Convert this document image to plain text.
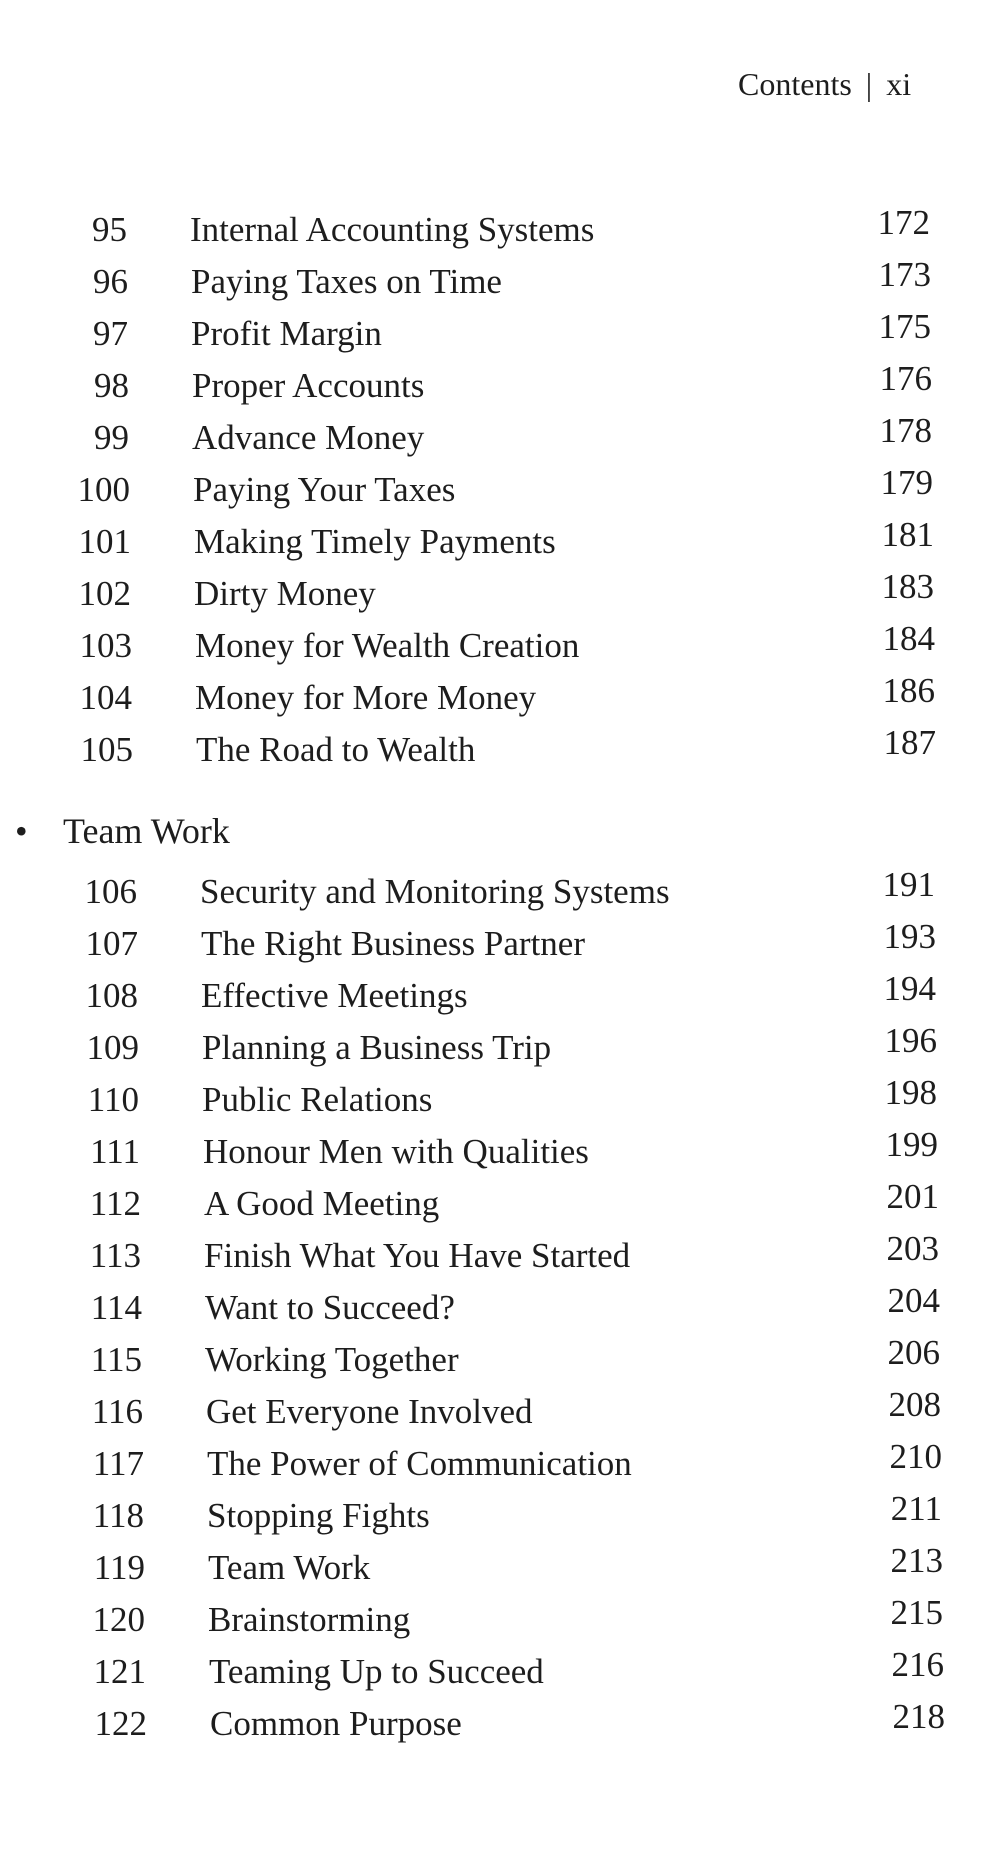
Contents | xi
95 Internal Accounting Systems	172
96 Paying Taxes on Time	173
97 Profit Margin	175
98 Proper Accounts	176
99 Advance Money	178
100 Paying Your Taxes	179
101 Making Timely Payments	181
102 Dirty Money	183
103 Money for Wealth Creation	184
104 Money for More Money	186
105 The Road to Wealth	187
• Team Work
106 Security and Monitoring Systems	191
107 The Right Business Partner	193
108 Effective Meetings	194
109 Planning a Business Trip	196
110 Public Relations	198
111 Honour Men with Qualities	199
112 A Good Meeting	201
113 Finish What You Have Started	203
114 Want to Succeed?	204
115 Working Together	206
116 Get Everyone Involved	208
117 The Power of Communication	210
118 Stopping Fights	211
119 Team Work	213
120 Brainstorming	215
121 Teaming Up to Succeed	216
122 Common Purpose	218
